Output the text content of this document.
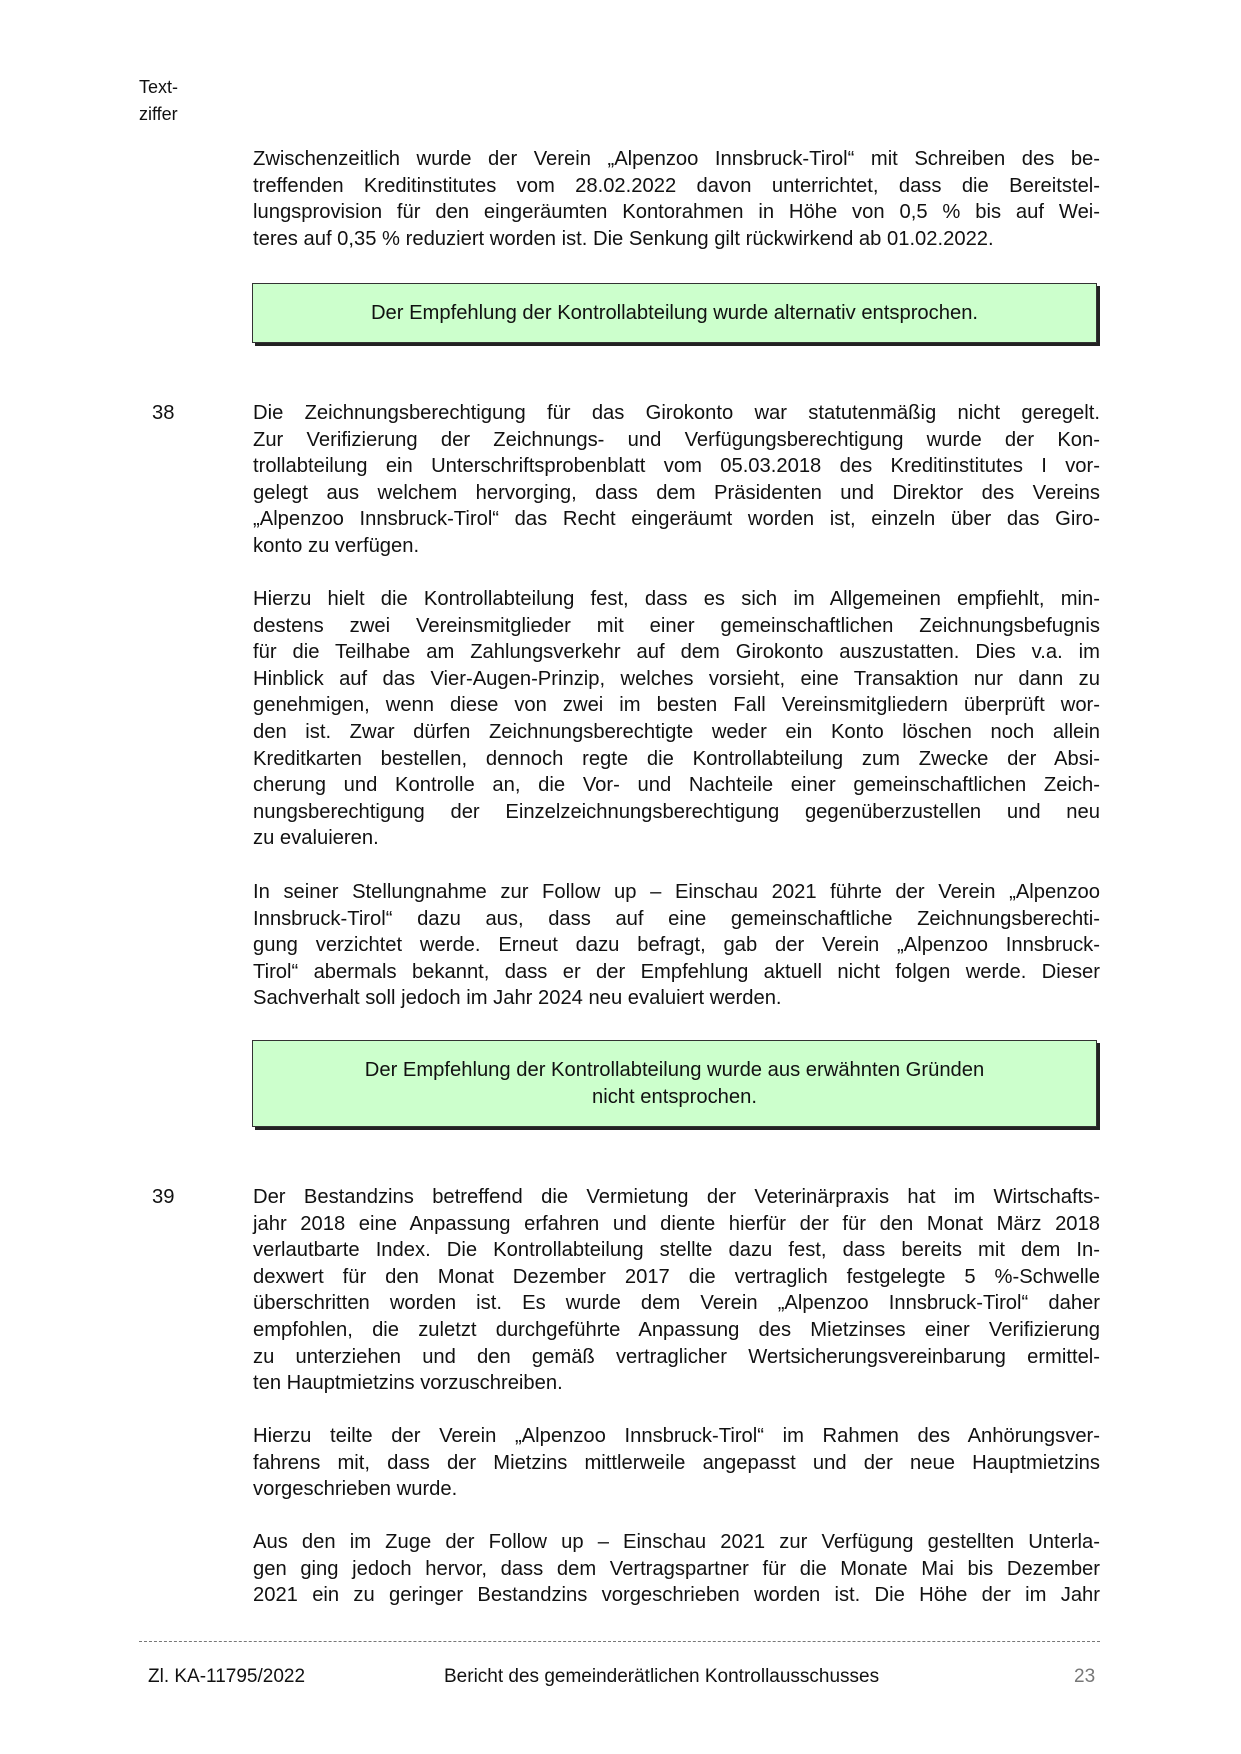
Text-
ziffer

Zwischenzeitlich wurde der Verein „Alpenzoo Innsbruck-Tirol“ mit Schreiben des be-
treffenden Kreditinstitutes vom 28.02.2022 davon unterrichtet, dass die Bereitstel-
lungsprovision für den eingeräumten Kontorahmen in Höhe von 0,5 % bis auf Wei-
teres auf 0,35 % reduziert worden ist. Die Senkung gilt rückwirkend ab 01.02.2022.

Der Empfehlung der Kontrollabteilung wurde alternativ entsprochen.
38	Die Zeichnungsberechtigung für das Girokonto war statutenmäßig nicht geregelt.
Zur Verifizierung der Zeichnungs- und Verfügungsberechtigung wurde der Kon-
trollabteilung ein Unterschriftsprobenblatt vom 05.03.2018 des Kreditinstitutes I vor-
gelegt aus welchem hervorging, dass dem Präsidenten und Direktor des Vereins
„Alpenzoo Innsbruck-Tirol“ das Recht eingeräumt worden ist, einzeln über das Giro-
konto zu verfügen.

Hierzu hielt die Kontrollabteilung fest, dass es sich im Allgemeinen empfiehlt, min-
destens zwei Vereinsmitglieder mit einer gemeinschaftlichen Zeichnungsbefugnis
für die Teilhabe am Zahlungsverkehr auf dem Girokonto auszustatten. Dies v.a. im
Hinblick auf das Vier-Augen-Prinzip, welches vorsieht, eine Transaktion nur dann zu
genehmigen, wenn diese von zwei im besten Fall Vereinsmitgliedern überprüft wor-
den ist. Zwar dürfen Zeichnungsberechtigte weder ein Konto löschen noch allein
Kreditkarten bestellen, dennoch regte die Kontrollabteilung zum Zwecke der Absi-
cherung und Kontrolle an, die Vor- und Nachteile einer gemeinschaftlichen Zeich-
nungsberechtigung der Einzelzeichnungsberechtigung gegenüberzustellen und neu
zu evaluieren.

In seiner Stellungnahme zur Follow up – Einschau 2021 führte der Verein „Alpenzoo
Innsbruck-Tirol“ dazu aus, dass auf eine gemeinschaftliche Zeichnungsberechti-
gung verzichtet werde. Erneut dazu befragt, gab der Verein „Alpenzoo Innsbruck-
Tirol“ abermals bekannt, dass er der Empfehlung aktuell nicht folgen werde. Dieser
Sachverhalt soll jedoch im Jahr 2024 neu evaluiert werden.

Der Empfehlung der Kontrollabteilung wurde aus erwähnten Gründen
nicht entsprochen.
39	Der Bestandzins betreffend die Vermietung der Veterinärpraxis hat im Wirtschafts-
jahr 2018 eine Anpassung erfahren und diente hierfür der für den Monat März 2018
verlautbarte Index. Die Kontrollabteilung stellte dazu fest, dass bereits mit dem In-
dexwert für den Monat Dezember 2017 die vertraglich festgelegte 5 %-Schwelle
überschritten worden ist. Es wurde dem Verein „Alpenzoo Innsbruck-Tirol“ daher
empfohlen, die zuletzt durchgeführte Anpassung des Mietzinses einer Verifizierung
zu unterziehen und den gemäß vertraglicher Wertsicherungsvereinbarung ermittel-
ten Hauptmietzins vorzuschreiben.

Hierzu teilte der Verein „Alpenzoo Innsbruck-Tirol“ im Rahmen des Anhörungsver-
fahrens mit, dass der Mietzins mittlerweile angepasst und der neue Hauptmietzins
vorgeschrieben wurde.

Aus den im Zuge der Follow up – Einschau 2021 zur Verfügung gestellten Unterla-
gen ging jedoch hervor, dass dem Vertragspartner für die Monate Mai bis Dezember
2021 ein zu geringer Bestandzins vorgeschrieben worden ist. Die Höhe der im Jahr

Zl. KA-11795/2022	Bericht des gemeinderätlichen Kontrollausschusses	23
